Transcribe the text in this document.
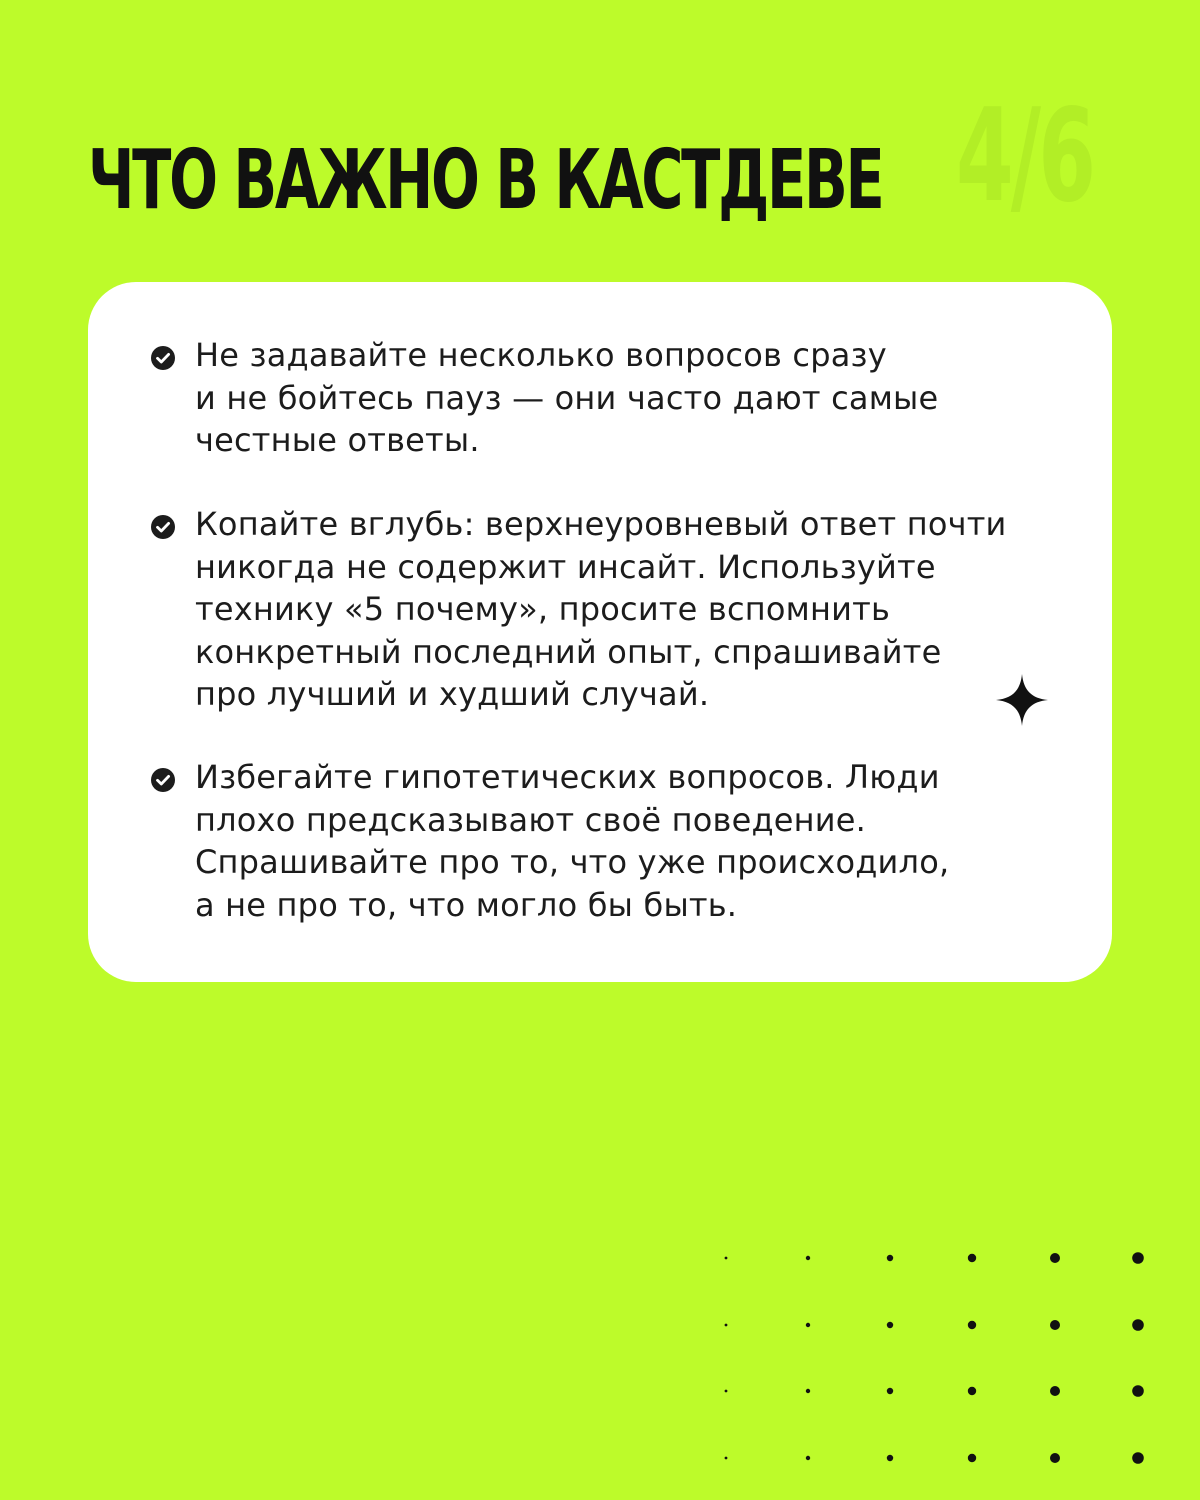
ЧТО ВАЖНО В КАСТДЕВЕ 4/6

Не задавайте несколько вопросов сразу
и не бойтесь пауз — они часто дают самые
честные ответы.

Копайте вглубь: верхнеуровневый ответ почти
никогда не содержит инсайт. Используйте
технику «5 почему», просите вспомнить
конкретный последний опыт, спрашивайте
про лучший и худший случай.

Избегайте гипотетических вопросов. Люди
плохо предсказывают своё поведение.
Спрашивайте про то, что уже происходило,
а не про то, что могло бы быть.
